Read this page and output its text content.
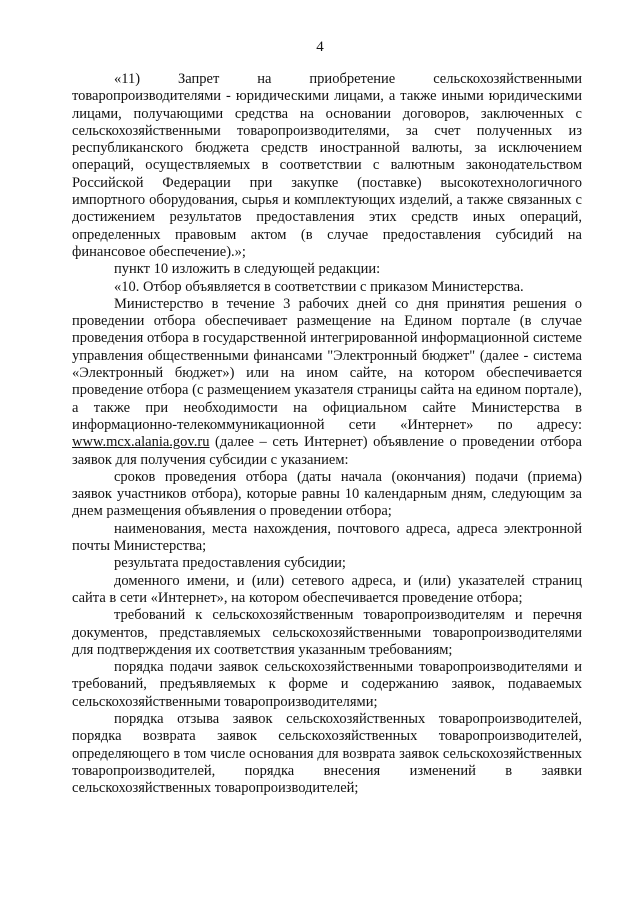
4

«11) Запрет на приобретение сельскохозяйственными товаропроизводителями - юридическими лицами, а также иными юридическими лицами, получающими средства на основании договоров, заключенных с сельскохозяйственными товаропроизводителями, за счет полученных из республиканского бюджета средств иностранной валюты, за исключением операций, осуществляемых в соответствии с валютным законодательством Российской Федерации при закупке (поставке) высокотехнологичного импортного оборудования, сырья и комплектующих изделий, а также связанных с достижением результатов предоставления этих средств иных операций, определенных правовым актом (в случае предоставления субсидий на финансовое обеспечение).»;

пункт 10 изложить в следующей редакции:

«10. Отбор объявляется в соответствии с приказом Министерства.

Министерство в течение 3 рабочих дней со дня принятия решения о проведении отбора обеспечивает размещение на Едином портале (в случае проведения отбора в государственной интегрированной информационной системе управления общественными финансами "Электронный бюджет" (далее - система «Электронный бюджет») или на ином сайте, на котором обеспечивается проведение отбора (с размещением указателя страницы сайта на едином портале), а также при необходимости на официальном сайте Министерства в информационно-телекоммуникационной сети «Интернет» по адресу: www.mcx.alania.gov.ru (далее – сеть Интернет) объявление о проведении отбора заявок для получения субсидии с указанием:

сроков проведения отбора (даты начала (окончания) подачи (приема) заявок участников отбора), которые равны 10 календарным дням, следующим за днем размещения объявления о проведении отбора;

наименования, места нахождения, почтового адреса, адреса электронной почты Министерства;

результата предоставления субсидии;

доменного имени, и (или) сетевого адреса, и (или) указателей страниц сайта в сети «Интернет», на котором обеспечивается проведение отбора;

требований к сельскохозяйственным товаропроизводителям и перечня документов, представляемых сельскохозяйственными товаропроизводителями для подтверждения их соответствия указанным требованиям;

порядка подачи заявок сельскохозяйственными товаропроизводителями и требований, предъявляемых к форме и содержанию заявок, подаваемых сельскохозяйственными товаропроизводителями;

порядка отзыва заявок сельскохозяйственных товаропроизводителей, порядка возврата заявок сельскохозяйственных товаропроизводителей, определяющего в том числе основания для возврата заявок сельскохозяйственных товаропроизводителей, порядка внесения изменений в заявки сельскохозяйственных товаропроизводителей;
